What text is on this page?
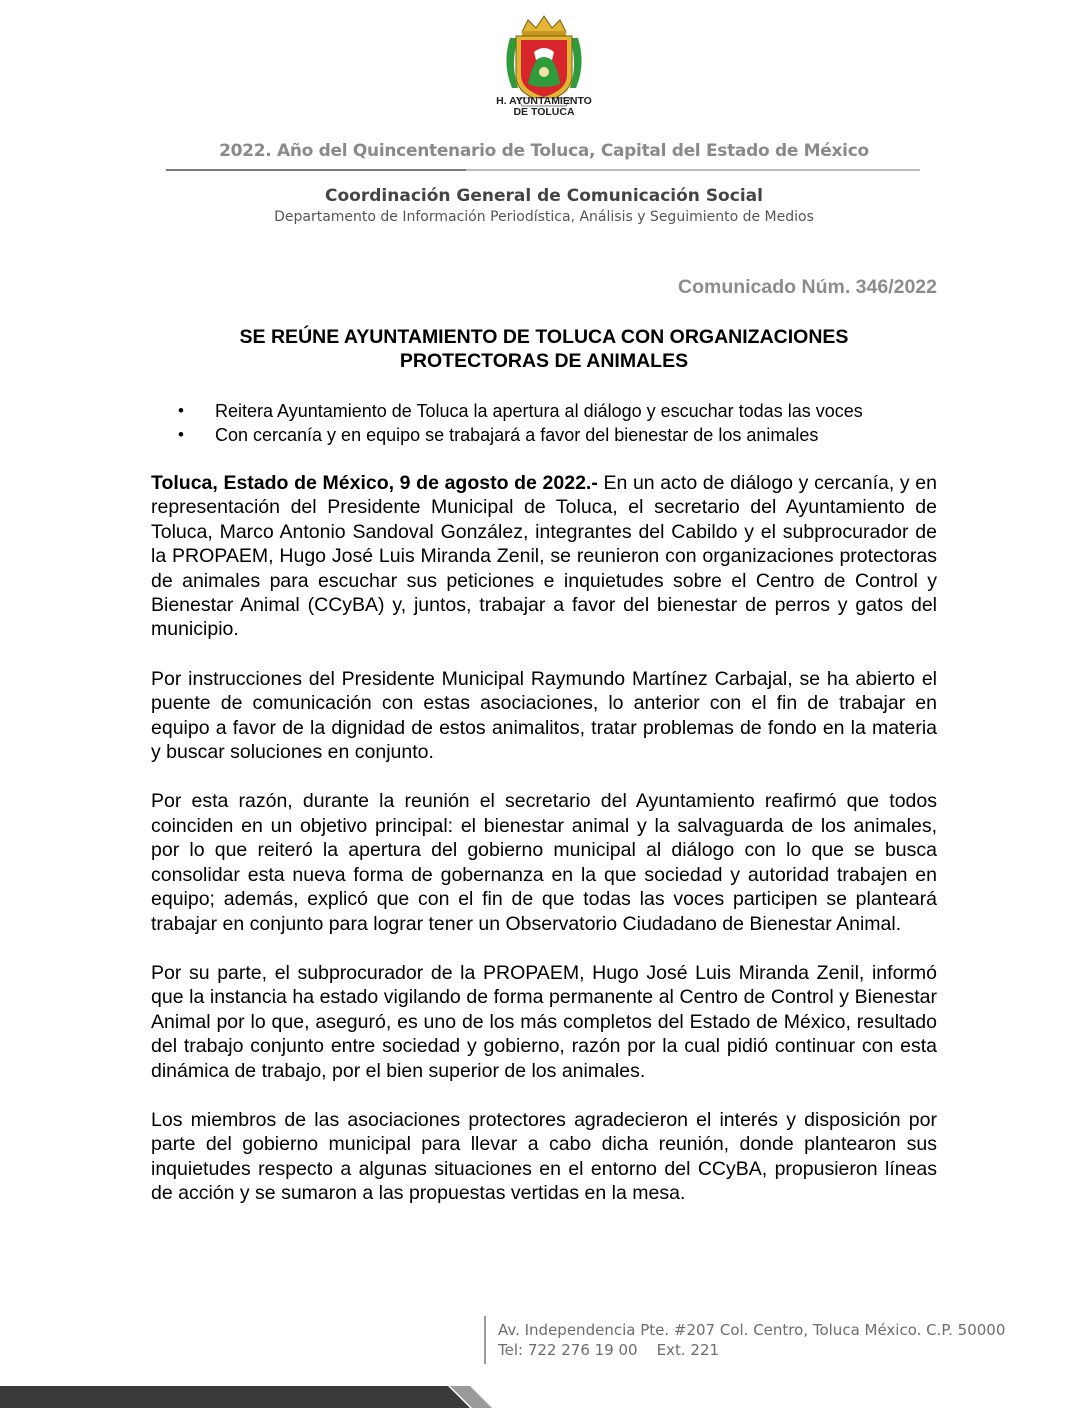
H. AYUNTAMIENTO
DE TOLUCA
2022. Año del Quincentenario de Toluca, Capital del Estado de México
Coordinación General de Comunicación Social
Departamento de Información Periodística, Análisis y Seguimiento de Medios
Comunicado Núm. 346/2022
SE REÚNE AYUNTAMIENTO DE TOLUCA CON ORGANIZACIONES
PROTECTORAS DE ANIMALES
• Reitera Ayuntamiento de Toluca la apertura al diálogo y escuchar todas las voces
• Con cercanía y en equipo se trabajará a favor del bienestar de los animales

Toluca, Estado de México, 9 de agosto de 2022.- En un acto de diálogo y cercanía, y en representación del Presidente Municipal de Toluca, el secretario del Ayuntamiento de Toluca, Marco Antonio Sandoval González, integrantes del Cabildo y el subprocurador de la PROPAEM, Hugo José Luis Miranda Zenil, se reunieron con organizaciones protectoras de animales para escuchar sus peticiones e inquietudes sobre el Centro de Control y Bienestar Animal (CCyBA) y, juntos, trabajar a favor del bienestar de perros y gatos del municipio.

Por instrucciones del Presidente Municipal Raymundo Martínez Carbajal, se ha abierto el puente de comunicación con estas asociaciones, lo anterior con el fin de trabajar en equipo a favor de la dignidad de estos animalitos, tratar problemas de fondo en la materia y buscar soluciones en conjunto.

Por esta razón, durante la reunión el secretario del Ayuntamiento reafirmó que todos coinciden en un objetivo principal: el bienestar animal y la salvaguarda de los animales, por lo que reiteró la apertura del gobierno municipal al diálogo con lo que se busca consolidar esta nueva forma de gobernanza en la que sociedad y autoridad trabajen en equipo; además, explicó que con el fin de que todas las voces participen se planteará trabajar en conjunto para lograr tener un Observatorio Ciudadano de Bienestar Animal.

Por su parte, el subprocurador de la PROPAEM, Hugo José Luis Miranda Zenil, informó que la instancia ha estado vigilando de forma permanente al Centro de Control y Bienestar Animal por lo que, aseguró, es uno de los más completos del Estado de México, resultado del trabajo conjunto entre sociedad y gobierno, razón por la cual pidió continuar con esta dinámica de trabajo, por el bien superior de los animales.

Los miembros de las asociaciones protectores agradecieron el interés y disposición por parte del gobierno municipal para llevar a cabo dicha reunión, donde plantearon sus inquietudes respecto a algunas situaciones en el entorno del CCyBA, propusieron líneas de acción y se sumaron a las propuestas vertidas en la mesa.

Av. Independencia Pte. #207 Col. Centro, Toluca México. C.P. 50000
Tel: 722 276 19 00 Ext. 221
